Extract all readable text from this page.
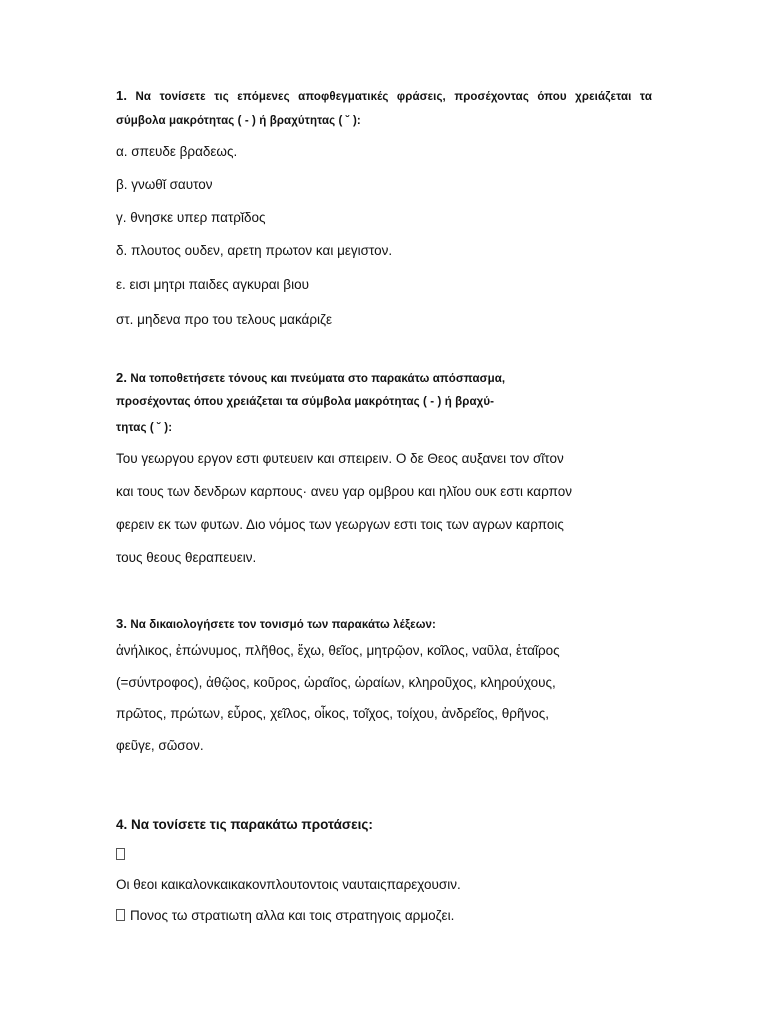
1. Να τονίσετε τις επόμενες αποφθεγματικές φράσεις, προσέχοντας όπου χρειάζεται τα
σύμβολα μακρότητας ( - ) ή βραχύτητας ( ˘ ):
α. σπευδε βραδεως.
β. γνωθῐ σαυτον
γ. θνησκε υπερ πατρῐδος
δ. πλουτος ουδεν, αρετη πρωτον και μεγιστον.
ε. εισι μητρι παιδες αγκυραι βιου
στ. μηδενα προ του τελους μακάριζε
2. Να τοποθετήσετε τόνους και πνεύματα στο παρακάτω απόσπασμα,
προσέχοντας όπου χρειάζεται τα σύμβολα μακρότητας ( - ) ή βραχύ-
τητας ( ˘ ):
Του γεωργου εργον εστι φυτευειν και σπειρειν. Ο δε Θεος αυξανει τον σῖτον
και τους των δενδρων καρπους· ανευ γαρ ομβρου και ηλῐου ουκ εστι καρπον
φερειν εκ των φυτων. Διο νόμος των γεωργων εστι τοις των αγρων καρποις
τους θεους θεραπευειν.
3. Να δικαιολογήσετε τον τονισμό των παρακάτω λέξεων:
ἀνήλικος, ἐπώνυμος, πλῆθος, ἔχω, θεῖος, μητρῷον, κοῖλος, ναῦλα, ἑταῖρος
(=σύντροφος), ἀθῷος, κοῦρος, ὡραῖος, ὡραίων, κληροῦχος, κληρούχους,
πρῶτος, πρώτων, εὖρος, χεῖλος, οἶκος, τοῖχος, τοίχου, ἀνδρεῖος, θρῆνος,
φεῦγε, σῶσον.
4. Να τονίσετε τις παρακάτω προτάσεις:
Οι θεοι καικαλονκαικακονπλουτοντοις ναυταιςπαρεχουσιν.
Πονος τω στρατιωτη αλλα και τοις στρατηγοις αρμοζει.
